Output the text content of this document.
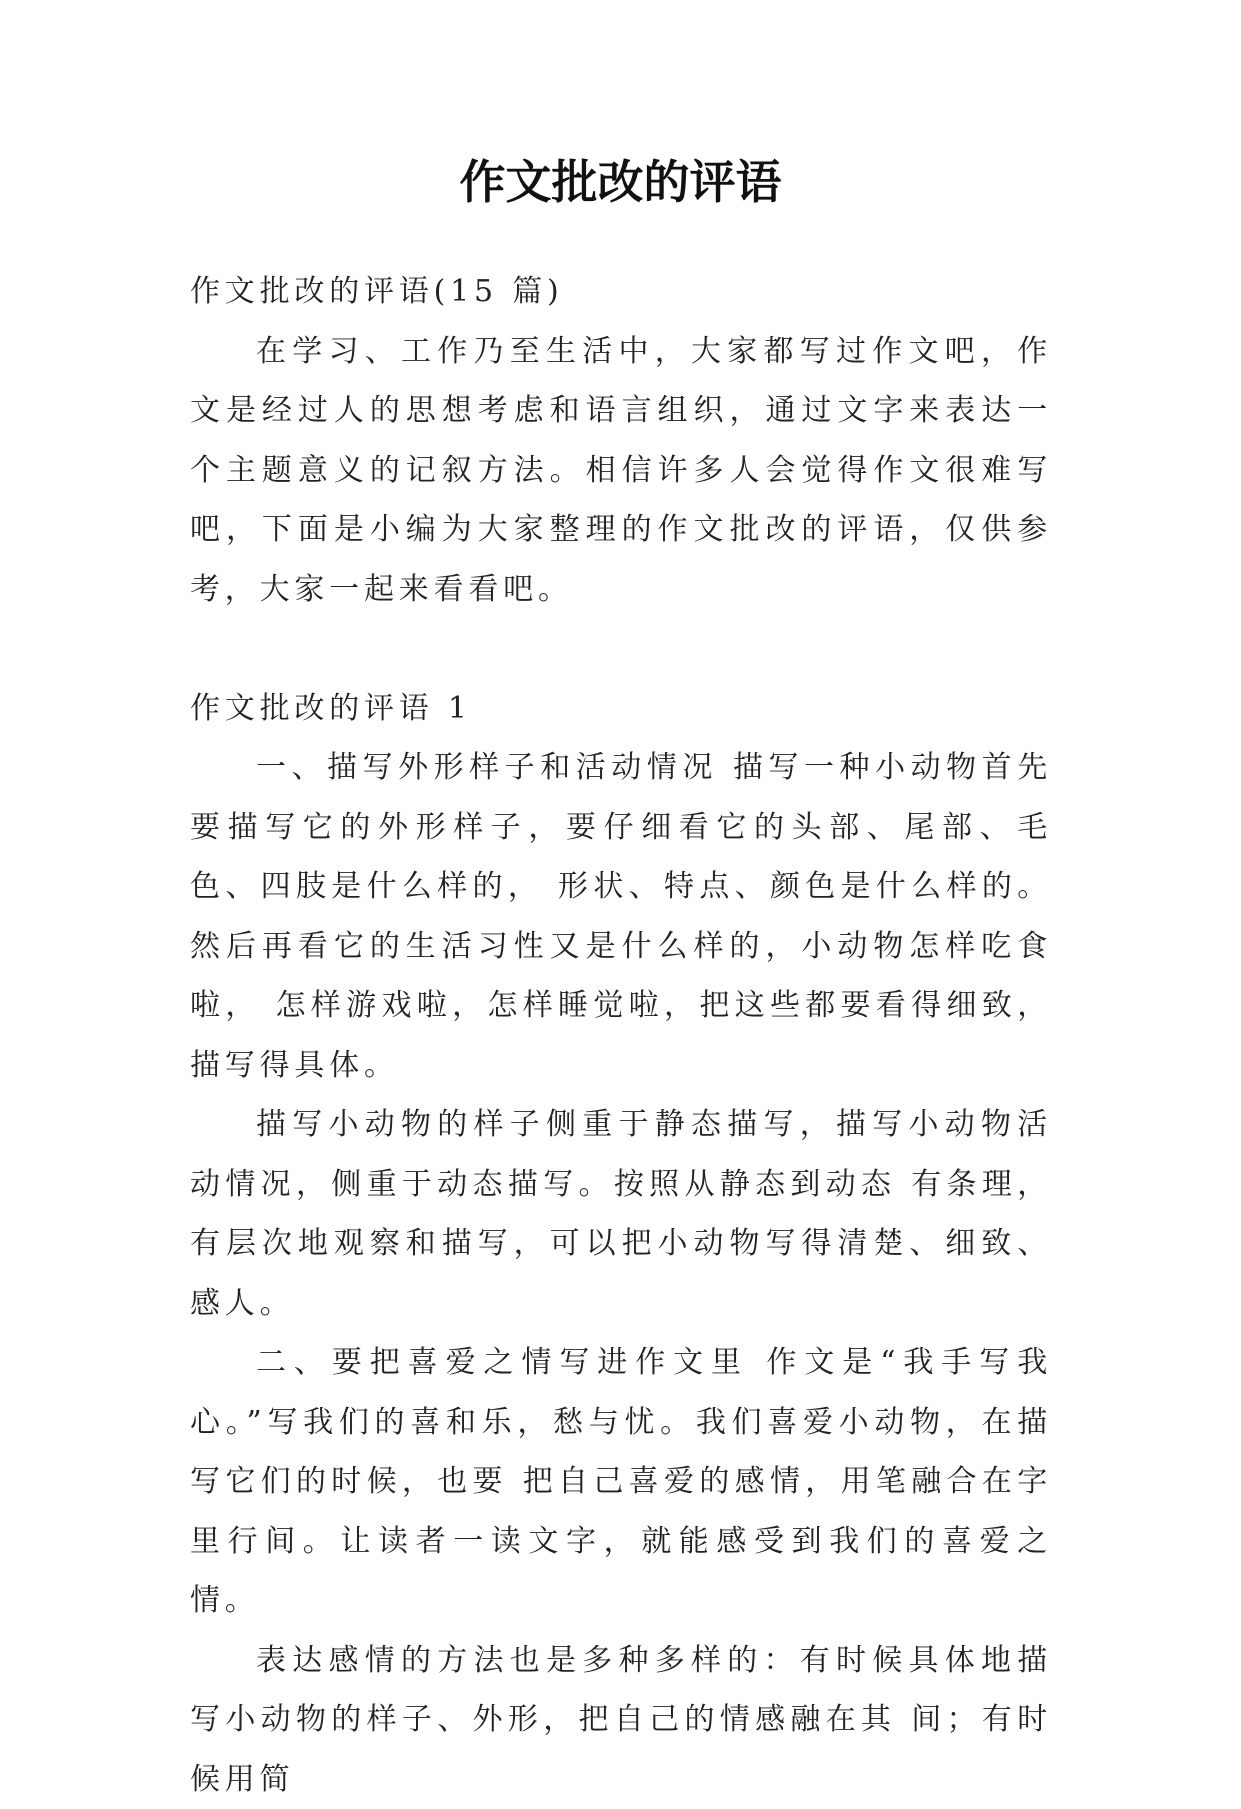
作文批改的评语

作文批改的评语(15 篇)

在学习、工作乃至生活中，大家都写过作文吧，作文是经过人的思想考虑和语言组织，通过文字来表达一个主题意义的记叙方法。相信许多人会觉得作文很难写吧，下面是小编为大家整理的作文批改的评语，仅供参考，大家一起来看看吧。

作文批改的评语 1

一、描写外形样子和活动情况 描写一种小动物首先要描写它的外形样子，要仔细看它的头部、尾部、毛色、四肢是什么样的， 形状、特点、颜色是什么样的。然后再看它的生活习性又是什么样的，小动物怎样吃食啦， 怎样游戏啦，怎样睡觉啦，把这些都要看得细致，描写得具体。

描写小动物的样子侧重于静态描写，描写小动物活动情况，侧重于动态描写。按照从静态到动态 有条理，有层次地观察和描写，可以把小动物写得清楚、细致、感人。

二、要把喜爱之情写进作文里 作文是“我手写我心。”写我们的喜和乐，愁与忧。我们喜爱小动物，在描写它们的时候，也要 把自己喜爱的感情，用笔融合在字里行间。让读者一读文字，就能感受到我们的喜爱之情。

表达感情的方法也是多种多样的：有时候具体地描写小动物的样子、外形，把自己的情感融在其 间；有时候用简
